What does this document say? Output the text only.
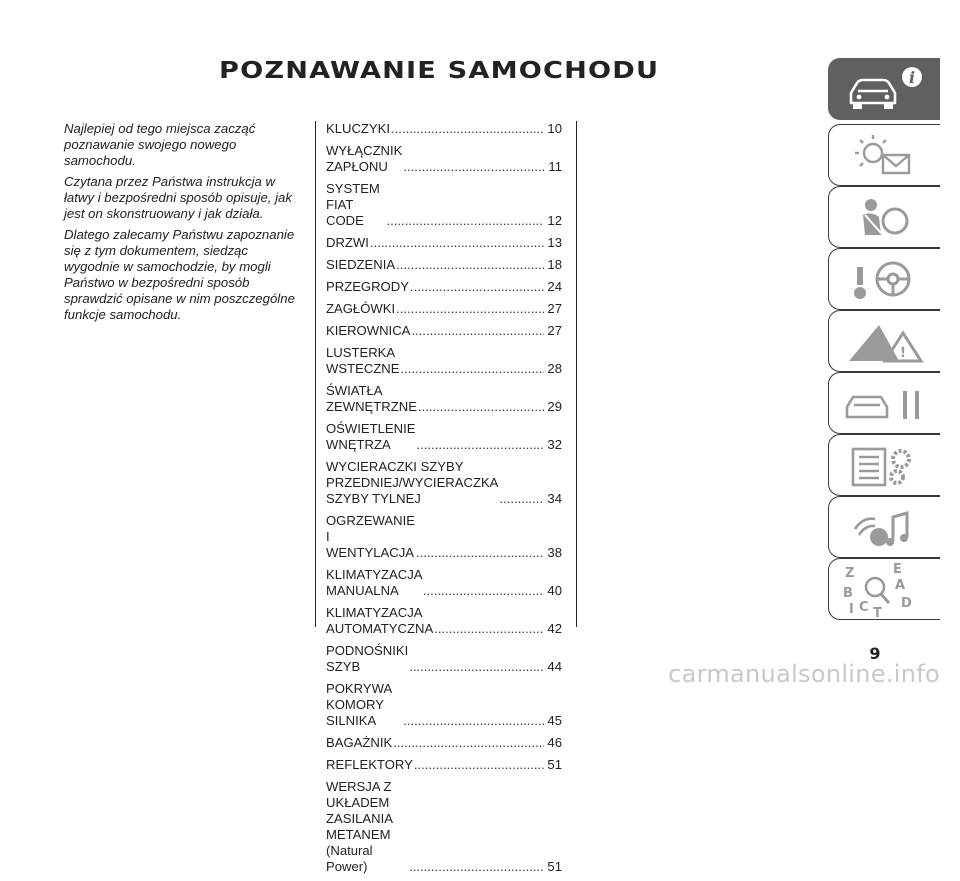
POZNAWANIE SAMOCHODU

Najlepiej od tego miejsca zacząć poznawanie swojego nowego samochodu.

Czytana przez Państwa instrukcja w łatwy i bezpośredni sposób opisuje, jak jest on skonstruowany i jak działa.

Dlatego zalecamy Państwu zapoznanie się z tym dokumentem, siedząc wygodnie w samochodzie, by mogli Państwo w bezpośredni sposób sprawdzić opisane w nim poszczególne funkcje samochodu.

KLUCZYKI .....	10
WYŁĄCZNIK ZAPŁONU .....	11
SYSTEM FIAT CODE .....	12
DRZWI .....	13
SIEDZENIA .....	18
PRZEGRODY .....	24
ZAGŁÓWKI .....	27
KIEROWNICA .....	27
LUSTERKA WSTECZNE .....	28
ŚWIATŁA ZEWNĘTRZNE .....	29
OŚWIETLENIE WNĘTRZA .....	32
WYCIERACZKI SZYBY
PRZEDNIEJ/WYCIERACZKA
SZYBY TYLNEJ .....	34
OGRZEWANIE I WENTYLACJA .....	38
KLIMATYZACJA MANUALNA .....	40
KLIMATYZACJA
AUTOMATYCZNA .....	42
PODNOŚNIKI SZYB .....	44
POKRYWA KOMORY SILNIKA .....	45
BAGAŻNIK .....	46
REFLEKTORY .....	51
WERSJA Z UKŁADEM ZASILANIA
METANEM (Natural Power) .....	51
i
!
Z	E
A
B
C
I T
D
9
carmanualsonline.info
